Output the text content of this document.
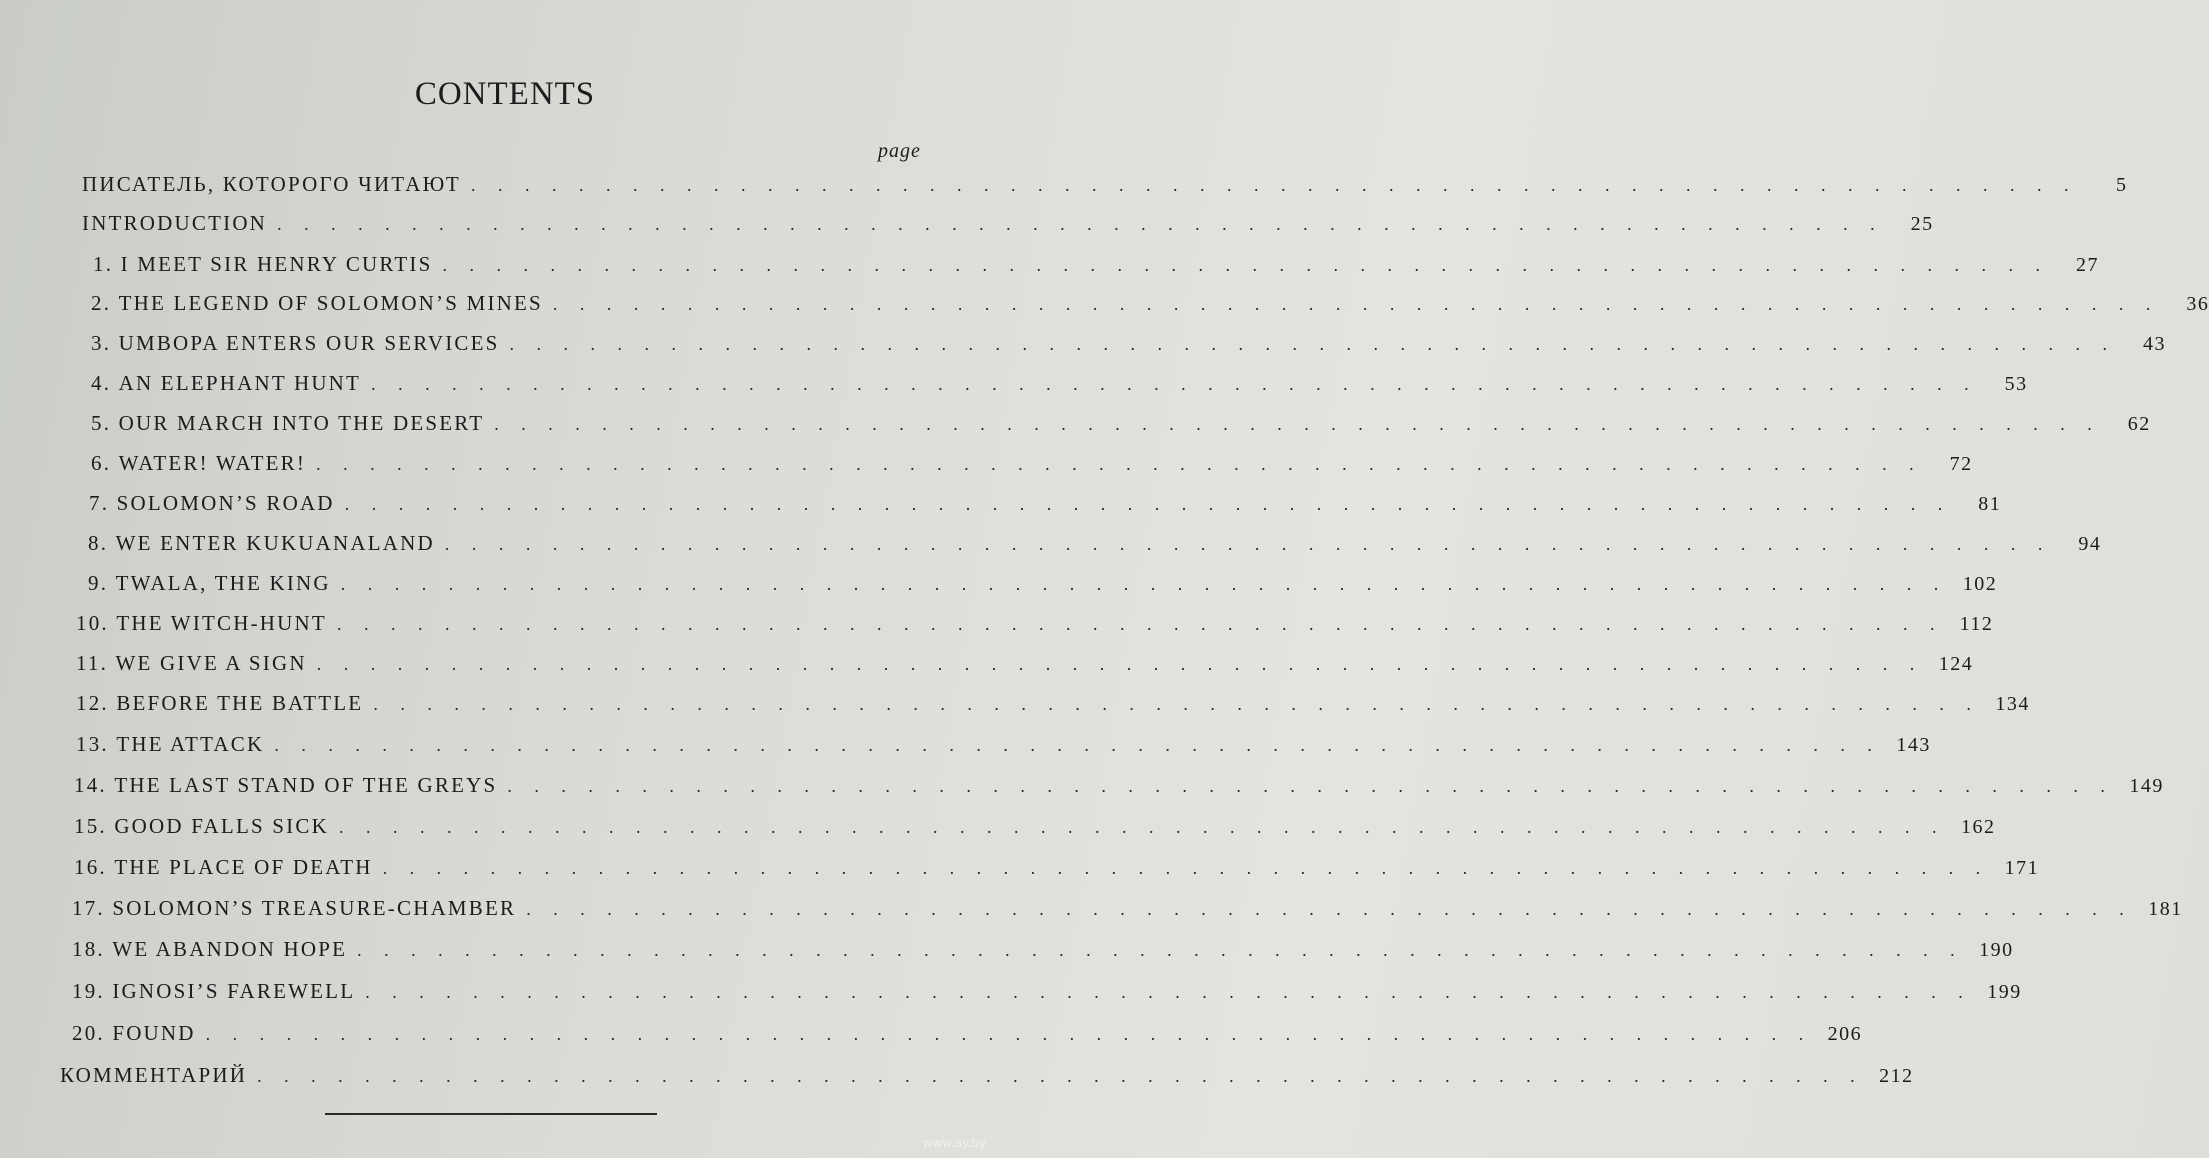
CONTENTS
page
ПИСАТЕЛЬ, КОТОРОГО ЧИТАЮТ . . . . . . . . . . . . . . . . . . . . . . . . . . . . . . . . . . . . . . . . . . . . . . . . . . . . . . . . . . . .	5
INTRODUCTION . . . . . . . . . . . . . . . . . . . . . . . . . . . . . . . . . . . . . . . . . . . . . . . . . . . . . . . . . . . .	25
1. I MEET SIR HENRY CURTIS . . . . . . . . . . . . . . . . . . . . . . . . . . . . . . . . . . . . . . . . . . . . . . . . . . . . . . . . . . . .	27
2. THE LEGEND OF SOLOMON’S MINES . . . . . . . . . . . . . . . . . . . . . . . . . . . . . . . . . . . . . . . . . . . . . . . . . . . . . . . . . . . .	36
3. UMBOPA ENTERS OUR SERVICES . . . . . . . . . . . . . . . . . . . . . . . . . . . . . . . . . . . . . . . . . . . . . . . . . . . . . . . . . . . .	43
4. AN ELEPHANT HUNT . . . . . . . . . . . . . . . . . . . . . . . . . . . . . . . . . . . . . . . . . . . . . . . . . . . . . . . . . . . .	53
5. OUR MARCH INTO THE DESERT . . . . . . . . . . . . . . . . . . . . . . . . . . . . . . . . . . . . . . . . . . . . . . . . . . . . . . . . . . . .	62
6. WATER! WATER! . . . . . . . . . . . . . . . . . . . . . . . . . . . . . . . . . . . . . . . . . . . . . . . . . . . . . . . . . . . .	72
7. SOLOMON’S ROAD . . . . . . . . . . . . . . . . . . . . . . . . . . . . . . . . . . . . . . . . . . . . . . . . . . . . . . . . . . . .	81
8. WE ENTER KUKUANALAND . . . . . . . . . . . . . . . . . . . . . . . . . . . . . . . . . . . . . . . . . . . . . . . . . . . . . . . . . . . .	94
9. TWALA, THE KING . . . . . . . . . . . . . . . . . . . . . . . . . . . . . . . . . . . . . . . . . . . . . . . . . . . . . . . . . . . . 102
10. THE WITCH-HUNT . . . . . . . . . . . . . . . . . . . . . . . . . . . . . . . . . . . . . . . . . . . . . . . . . . . . . . . . . . . . 112
11. WE GIVE A SIGN . . . . . . . . . . . . . . . . . . . . . . . . . . . . . . . . . . . . . . . . . . . . . . . . . . . . . . . . . . . . 124
12. BEFORE THE BATTLE . . . . . . . . . . . . . . . . . . . . . . . . . . . . . . . . . . . . . . . . . . . . . . . . . . . . . . . . . . . . 134
13. THE ATTACK . . . . . . . . . . . . . . . . . . . . . . . . . . . . . . . . . . . . . . . . . . . . . . . . . . . . . . . . . . . . 143
14. THE LAST STAND OF THE GREYS . . . . . . . . . . . . . . . . . . . . . . . . . . . . . . . . . . . . . . . . . . . . . . . . . . . . . . . . . . . . 149
15. GOOD FALLS SICK . . . . . . . . . . . . . . . . . . . . . . . . . . . . . . . . . . . . . . . . . . . . . . . . . . . . . . . . . . . . 162
16. THE PLACE OF DEATH . . . . . . . . . . . . . . . . . . . . . . . . . . . . . . . . . . . . . . . . . . . . . . . . . . . . . . . . . . . . 171
17. SOLOMON’S TREASURE-CHAMBER . . . . . . . . . . . . . . . . . . . . . . . . . . . . . . . . . . . . . . . . . . . . . . . . . . . . . . . . . . . . 181
18. WE ABANDON HOPE . . . . . . . . . . . . . . . . . . . . . . . . . . . . . . . . . . . . . . . . . . . . . . . . . . . . . . . . . . . . 190
19. IGNOSI’S FAREWELL . . . . . . . . . . . . . . . . . . . . . . . . . . . . . . . . . . . . . . . . . . . . . . . . . . . . . . . . . . . . 199
20. FOUND . . . . . . . . . . . . . . . . . . . . . . . . . . . . . . . . . . . . . . . . . . . . . . . . . . . . . . . . . . . . 206
КОММЕНТАРИЙ . . . . . . . . . . . . . . . . . . . . . . . . . . . . . . . . . . . . . . . . . . . . . . . . . . . . . . . . . . . . 212
www.ay.by
